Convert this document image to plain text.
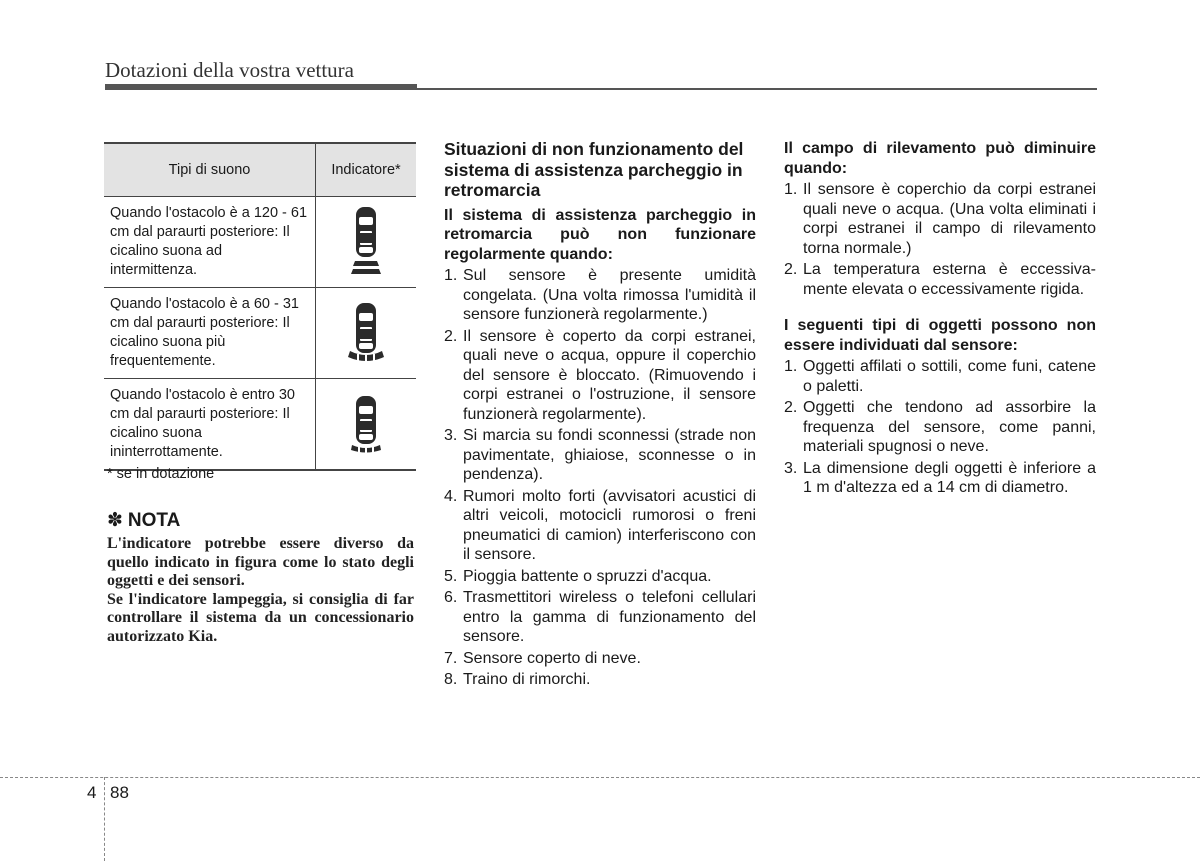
Dotazioni della vostra vettura
Tipi di suono	Indicatore*
Quando l'ostacolo è a 120 - 61 cm dal paraurti posteriore: Il cicalino suona ad intermittenza.	

Quando l'ostacolo è a 60 - 31 cm dal paraurti posteriore: Il cicalino suona più frequentemente.	

Quando l'ostacolo è entro 30 cm dal paraurti posteriore: Il cicalino suona ininterrottamente.	
* se in dotazione
✽ NOTA

L'indicatore potrebbe essere diverso da quello indicato in figura come lo stato degli oggetti e dei sensori.

Se l'indicatore lampeggia, si consiglia di far controllare il sistema da un concessionario autorizzato Kia.

Situazioni di non funzionamento del sistema di assistenza parcheggio in retromarcia
Il sistema di assistenza parcheggio in retromarcia può non funzionare regolarmente quando:
1. Sul sensore è presente umidità congelata. (Una volta rimossa l'umidità il sensore funzionerà regolarmente.)
2. Il sensore è coperto da corpi estranei, quali neve o acqua, oppure il coperchio del sensore è bloccato. (Rimuovendo i corpi estranei o l'ostruzione, il sensore funzionerà regolarmente).
3. Si marcia su fondi sconnessi (strade non pavimentate, ghiaiose, sconnesse o in pendenza).
4. Rumori molto forti (avvisatori acustici di altri veicoli, motocicli rumorosi o freni pneumatici di camion) interferiscono con il sensore.
5. Pioggia battente o spruzzi d'acqua.
6. Trasmettitori wireless o telefoni cellulari entro la gamma di funzionamento del sensore.
7. Sensore coperto di neve.
8. Traino di rimorchi.
Il campo di rilevamento può diminuire quando:
1. Il sensore è coperchio da corpi estranei quali neve o acqua. (Una volta eliminati i corpi estranei il campo di rilevamento torna normale.)
2. La temperatura esterna è eccessiva-mente elevata o eccessivamente rigida.
I seguenti tipi di oggetti possono non essere individuati dal sensore:
1. Oggetti affilati o sottili, come funi, catene o paletti.
2. Oggetti che tendono ad assorbire la frequenza del sensore, come panni, materiali spugnosi o neve.
3. La dimensione degli oggetti è inferiore a 1 m d'altezza ed a 14 cm di diametro.
4 88
